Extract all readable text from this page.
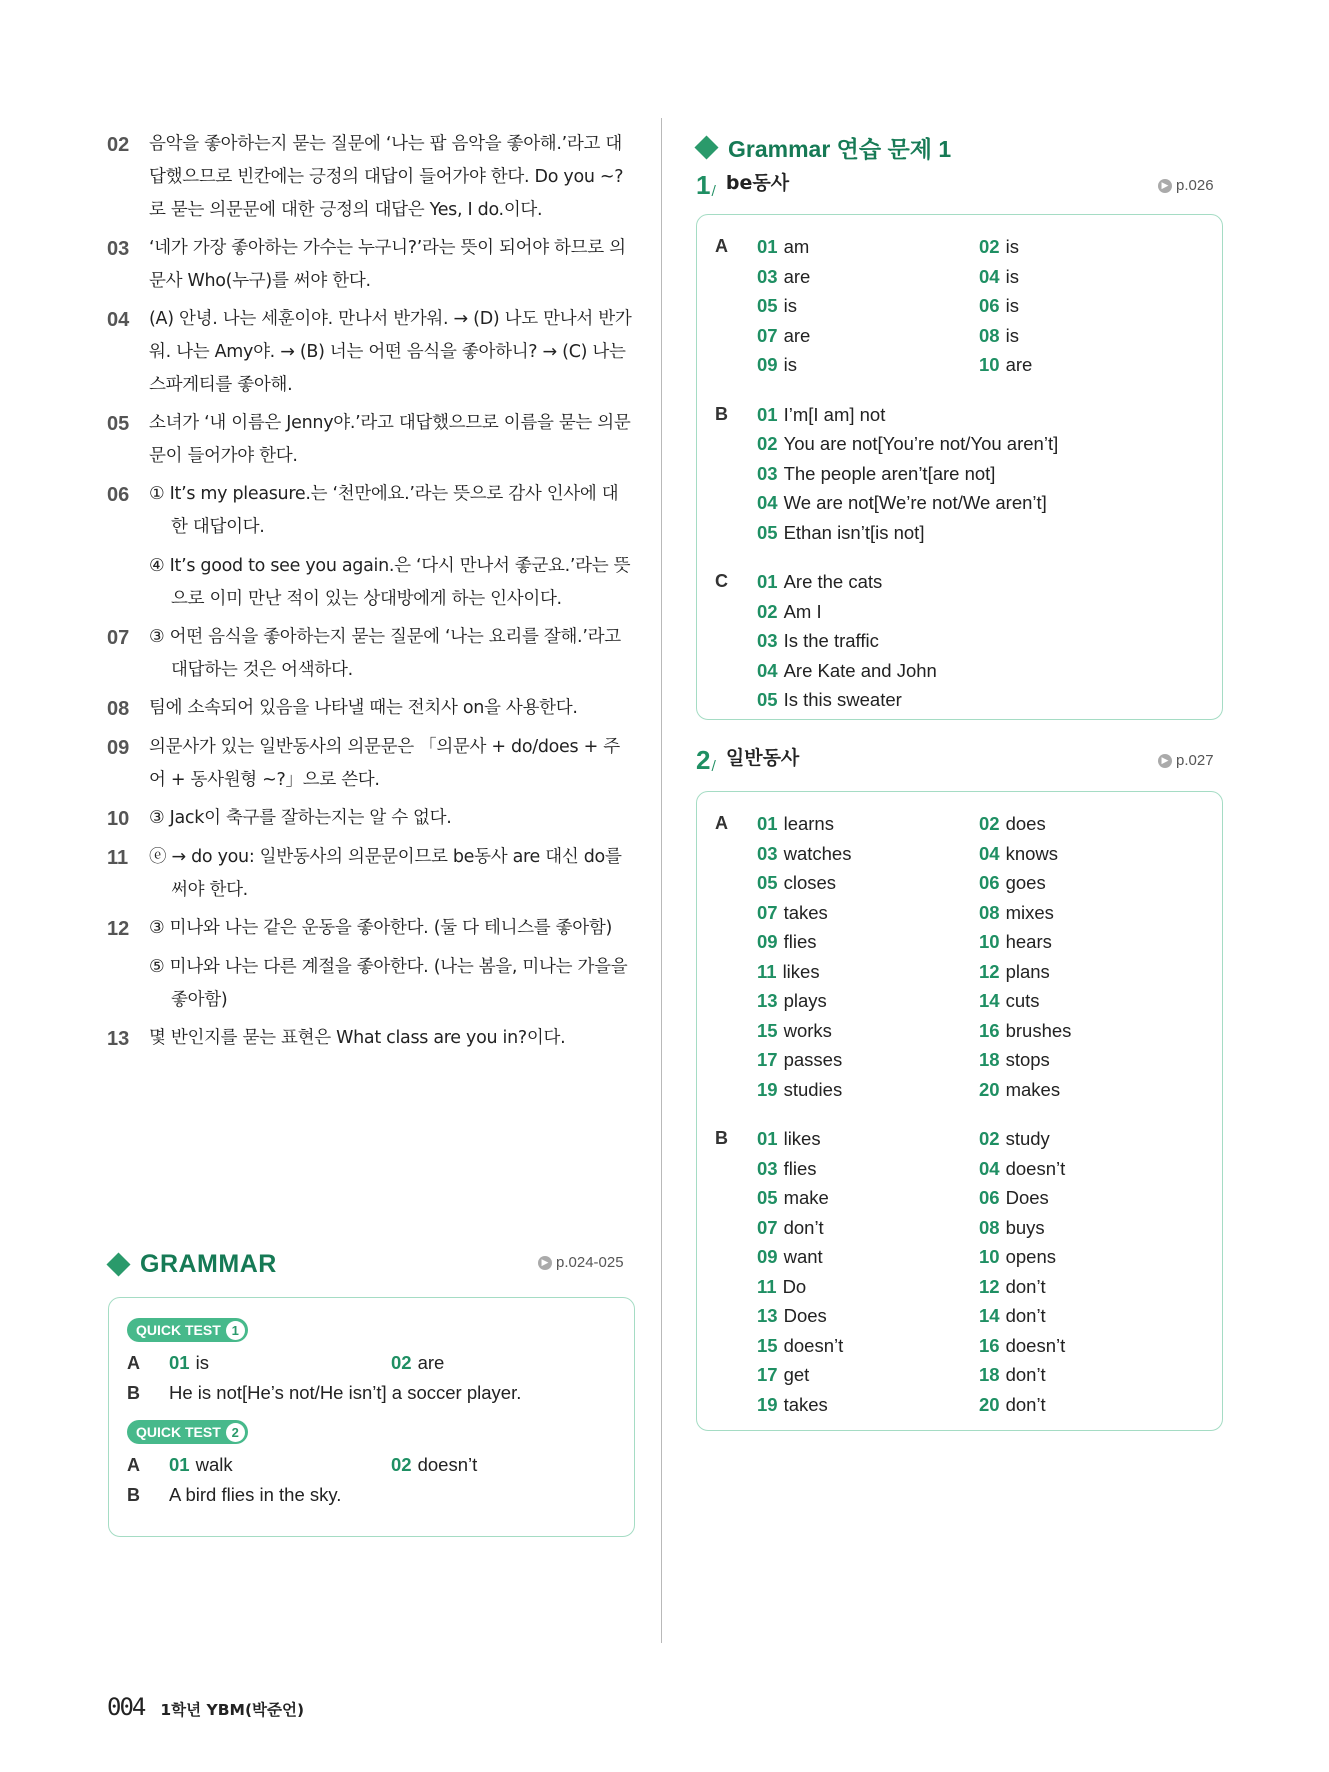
02	음악을 좋아하는지 묻는 질문에 ‘나는 팝 음악을 좋아해.’라고 대답했으므로 빈칸에는 긍정의 대답이 들어가야 한다. Do you ~?로 묻는 의문문에 대한 긍정의 대답은 Yes, I do.이다.
03	‘네가 가장 좋아하는 가수는 누구니?’라는 뜻이 되어야 하므로 의문사 Who(누구)를 써야 한다.
04	(A) 안녕. 나는 세훈이야. 만나서 반가워. → (D) 나도 만나서 반가워. 나는 Amy야. → (B) 너는 어떤 음식을 좋아하니? → (C) 나는 스파게티를 좋아해.
05	소녀가 ‘내 이름은 Jenny야.’라고 대답했으므로 이름을 묻는 의문문이 들어가야 한다.
06	① It’s my pleasure.는 ‘천만에요.’라는 뜻으로 감사 인사에 대한 대답이다.
④ It’s good to see you again.은 ‘다시 만나서 좋군요.’라는 뜻으로 이미 만난 적이 있는 상대방에게 하는 인사이다.
07	③ 어떤 음식을 좋아하는지 묻는 질문에 ‘나는 요리를 잘해.’라고 대답하는 것은 어색하다.
08	팀에 소속되어 있음을 나타낼 때는 전치사 on을 사용한다.
09	의문사가 있는 일반동사의 의문문은 「의문사 + do/does + 주어 + 동사원형 ~?」으로 쓴다.
10	③ Jack이 축구를 잘하는지는 알 수 없다.
11	ⓔ → do you: 일반동사의 의문문이므로 be동사 are 대신 do를 써야 한다.
12	③ 미나와 나는 같은 운동을 좋아한다. (둘 다 테니스를 좋아함)
⑤ 미나와 나는 다른 계절을 좋아한다. (나는 봄을, 미나는 가을을 좋아함)
13	몇 반인지를 묻는 표현은 What class are you in?이다.
GRAMMAR	▶ p.024-025
QUICK TEST 1
A	01 is	02 are
B	He is not[He’s not/He isn’t] a soccer player.
QUICK TEST 2
A	01 walk	02 doesn’t
B	A bird flies in the sky.
Grammar 연습 문제 1
1 / be동사	▶ p.026
A	01 am	02 is
03 are	04 is
05 is	06 is
07 are	08 is
09 is	10 are
B	01 I’m[I am] not
02 You are not[You’re not/You aren’t]
03 The people aren’t[are not]
04 We are not[We’re not/We aren’t]
05 Ethan isn’t[is not]
C	01 Are the cats
02 Am I
03 Is the traffic
04 Are Kate and John
05 Is this sweater
2 / 일반동사	▶ p.027
A	01 learns	02 does
03 watches	04 knows
05 closes	06 goes
07 takes	08 mixes
09 flies	10 hears
11 likes	12 plans
13 plays	14 cuts
15 works	16 brushes
17 passes	18 stops
19 studies	20 makes
B	01 likes	02 study
03 flies	04 doesn’t
05 make	06 Does
07 don’t	08 buys
09 want	10 opens
11 Do	12 don’t
13 Does	14 don’t
15 doesn’t	16 doesn’t
17 get	18 don’t
19 takes	20 don’t
004 1학년 YBM(박준언)
